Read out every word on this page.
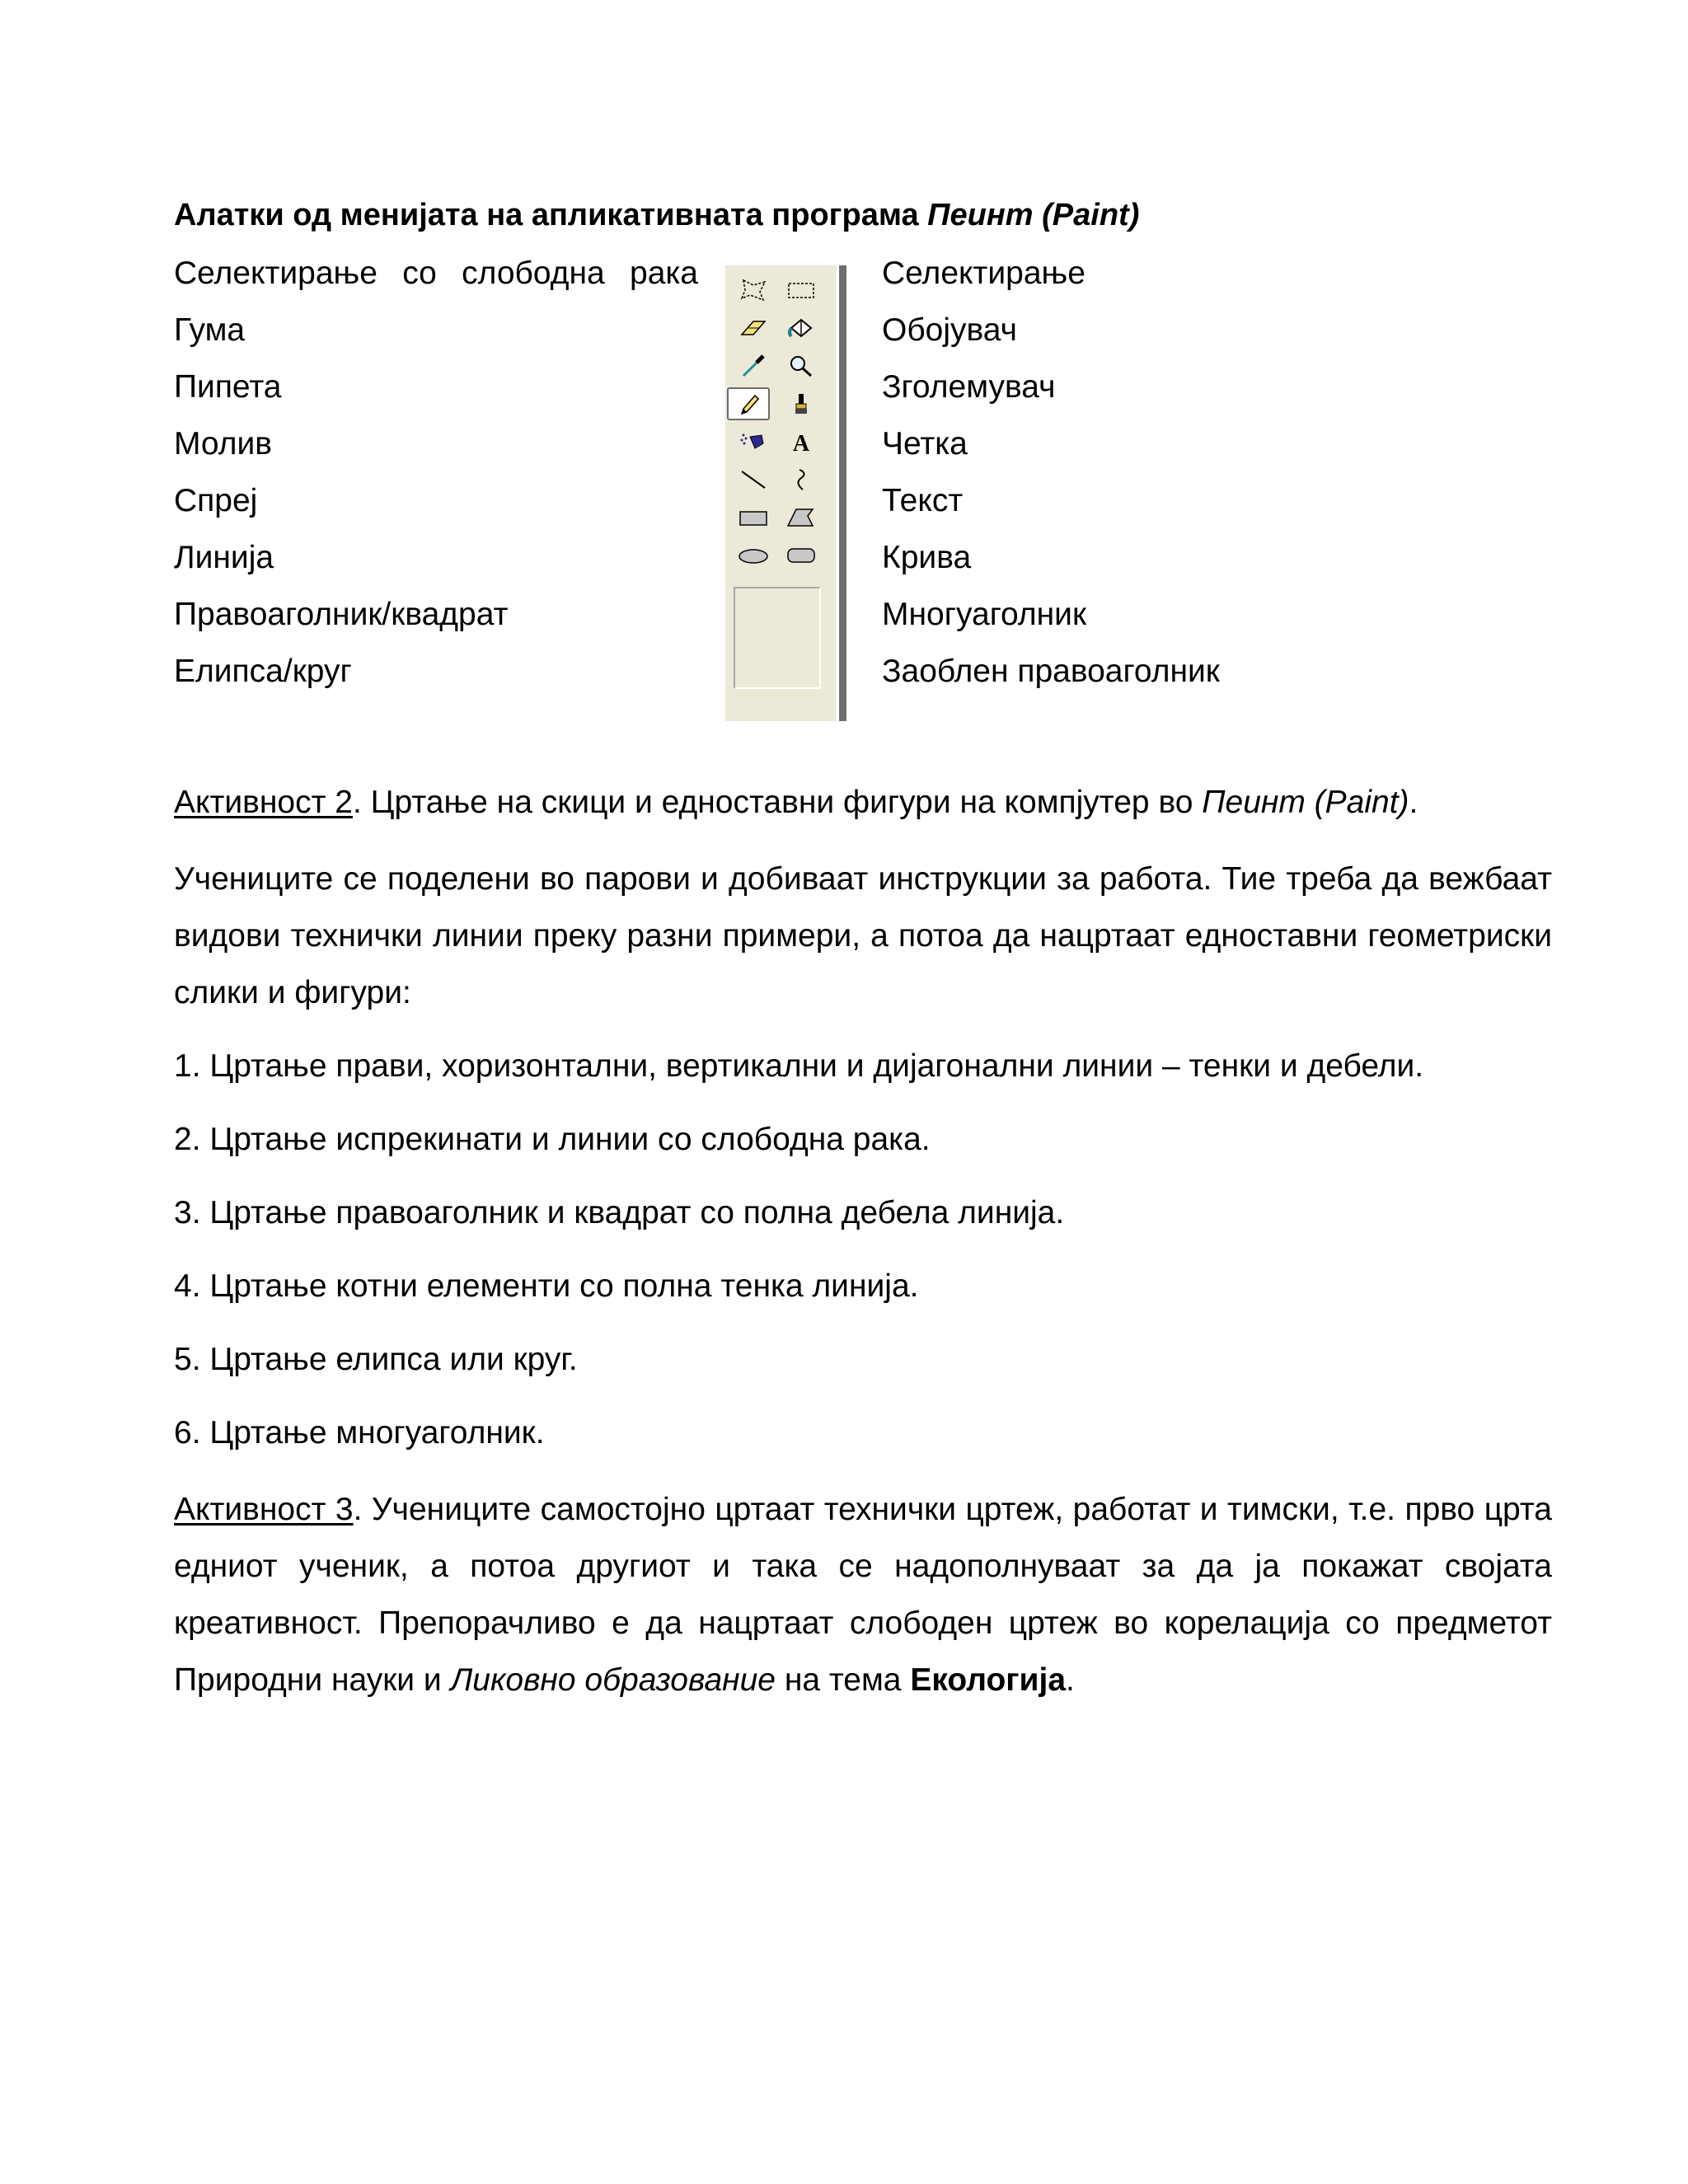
Алатки од менијата на апликативната програма Пеинт (Paint)
Селектирање со слободна рака
Гума
Пипета
Молив
Спреј
Линија
Правоаголник/квадрат
Елипса/круг
Селектирање
Обојувач
Зголемувач
Четка
Текст
Крива
Многуаголник
Заоблен правоаголник
A
Активност 2. Цртање на скици и едноставни фигури на компјутер во Пеинт (Paint).
Учениците се поделени во парови и добиваат инструкции за работа. Тие треба да вежбаат видови технички линии преку разни примери, а потоа да нацртаат едноставни геометриски слики и фигури:
1. Цртање прави, хоризонтални, вертикални и дијагонални линии – тенки и дебели.
2. Цртање испрекинати и линии со слободна рака.
3. Цртање правоаголник и квадрат со полна дебела линија.
4. Цртање котни елементи со полна тенка линија.
5. Цртање елипса или круг.
6. Цртање многуаголник.
Активност 3. Учениците самостојно цртаат технички цртеж, работат и тимски, т.е. прво црта едниот ученик, а потоа другиот и така се надополнуваат за да ја покажат својата креативност. Препорачливо е да нацртаат слободен цртеж во корелација со предметот Природни науки и Ликовно образование на тема Екологија.
